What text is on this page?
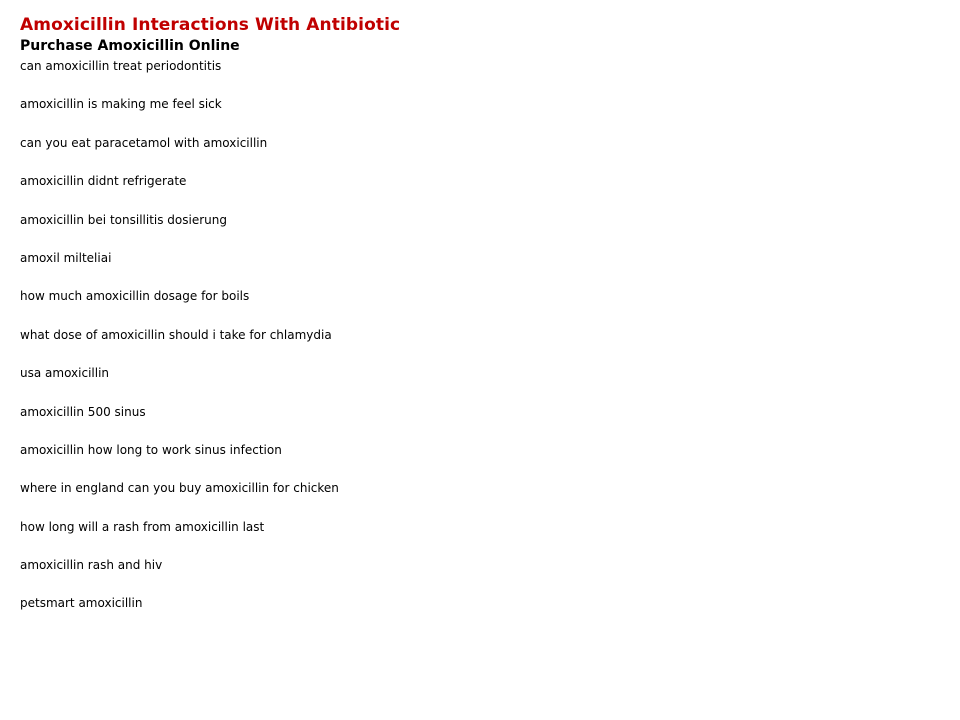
Amoxicillin Interactions With Antibiotic
Purchase Amoxicillin Online
can amoxicillin treat periodontitis
amoxicillin is making me feel sick
can you eat paracetamol with amoxicillin
amoxicillin didnt refrigerate
amoxicillin bei tonsillitis dosierung
amoxil milteliai
how much amoxicillin dosage for boils
what dose of amoxicillin should i take for chlamydia
usa amoxicillin
amoxicillin 500 sinus
amoxicillin how long to work sinus infection
where in england can you buy amoxicillin for chicken
how long will a rash from amoxicillin last
amoxicillin rash and hiv
petsmart amoxicillin
